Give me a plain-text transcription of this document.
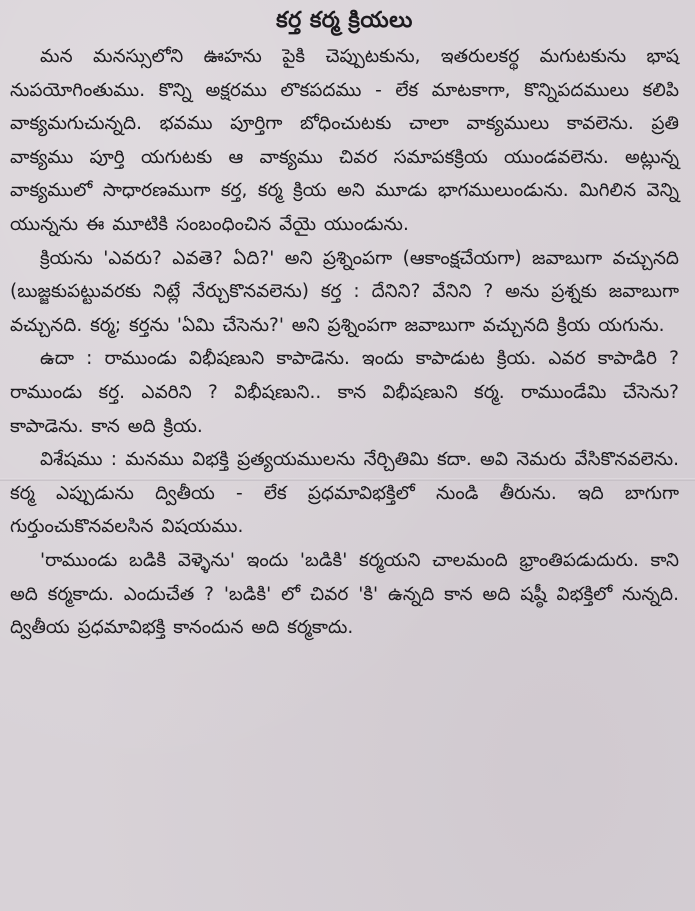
కర్త కర్మ క్రియలు

మన మనస్సులోని ఊహను పైకి చెప్పుటకును, ఇతరులకర్థ మగుటకును భాష నుపయోగింతుము. కొన్ని అక్షరము లొకపదము - లేక మాటకాగా, కొన్నిపదములు కలిపి వాక్యమగుచున్నది. భవము పూర్తిగా బోధించుటకు చాలా వాక్యములు కావలెను. ప్రతి వాక్యము పూర్తి యగుటకు ఆ వాక్యము చివర సమాపకక్రియ యుండవలెను. అట్లున్న వాక్యములో సాధారణముగా కర్త, కర్మ క్రియ అని మూడు భాగములుండును. మిగిలిన వెన్ని యున్నను ఈ మూటికి సంబంధించిన వేయై యుండును.

క్రియను 'ఎవరు? ఎవతె? ఏది?' అని ప్రశ్నింపగా (ఆకాంక్షచేయగా) జవాబుగా వచ్చునది (బుజ్జకుపట్టువరకు నిట్లే నేర్చుకొనవలెను) కర్త : దేనిని? వేనిని ? అను ప్రశ్నకు జవాబుగా వచ్చునది. కర్మ; కర్తను 'ఏమి చేసెను?' అని ప్రశ్నింపగా జవాబుగా వచ్చునది క్రియ యగును.

ఉదా : రాముండు విభీషణుని కాపాడెను. ఇందు కాపాడుట క్రియ. ఎవర కాపాడిరి ? రాముండు కర్త. ఎవరిని ? విభీషణుని.. కాన విభీషణుని కర్మ. రాముండేమి చేసెను? కాపాడెను. కాన అది క్రియ.

విశేషము : మనము విభక్తి ప్రత్యయములను నేర్చితిమి కదా. అవి నెమరు వేసికొనవలెను. కర్మ ఎప్పుడును ద్వితీయ - లేక ప్రధమావిభక్తిలో నుండి తీరును. ఇది బాగుగా గుర్తుంచుకొనవలసిన విషయము.

'రాముండు బడికి వెళ్ళెను' ఇందు 'బడికి' కర్మయని చాలమంది భ్రాంతిపడుదురు. కాని అది కర్మకాదు. ఎందుచేత ? 'బడికి' లో చివర 'కి' ఉన్నది కాన అది షష్ఠీ విభక్తిలో నున్నది. ద్వితీయ ప్రధమావిభక్తి కానందున అది కర్మకాదు.
